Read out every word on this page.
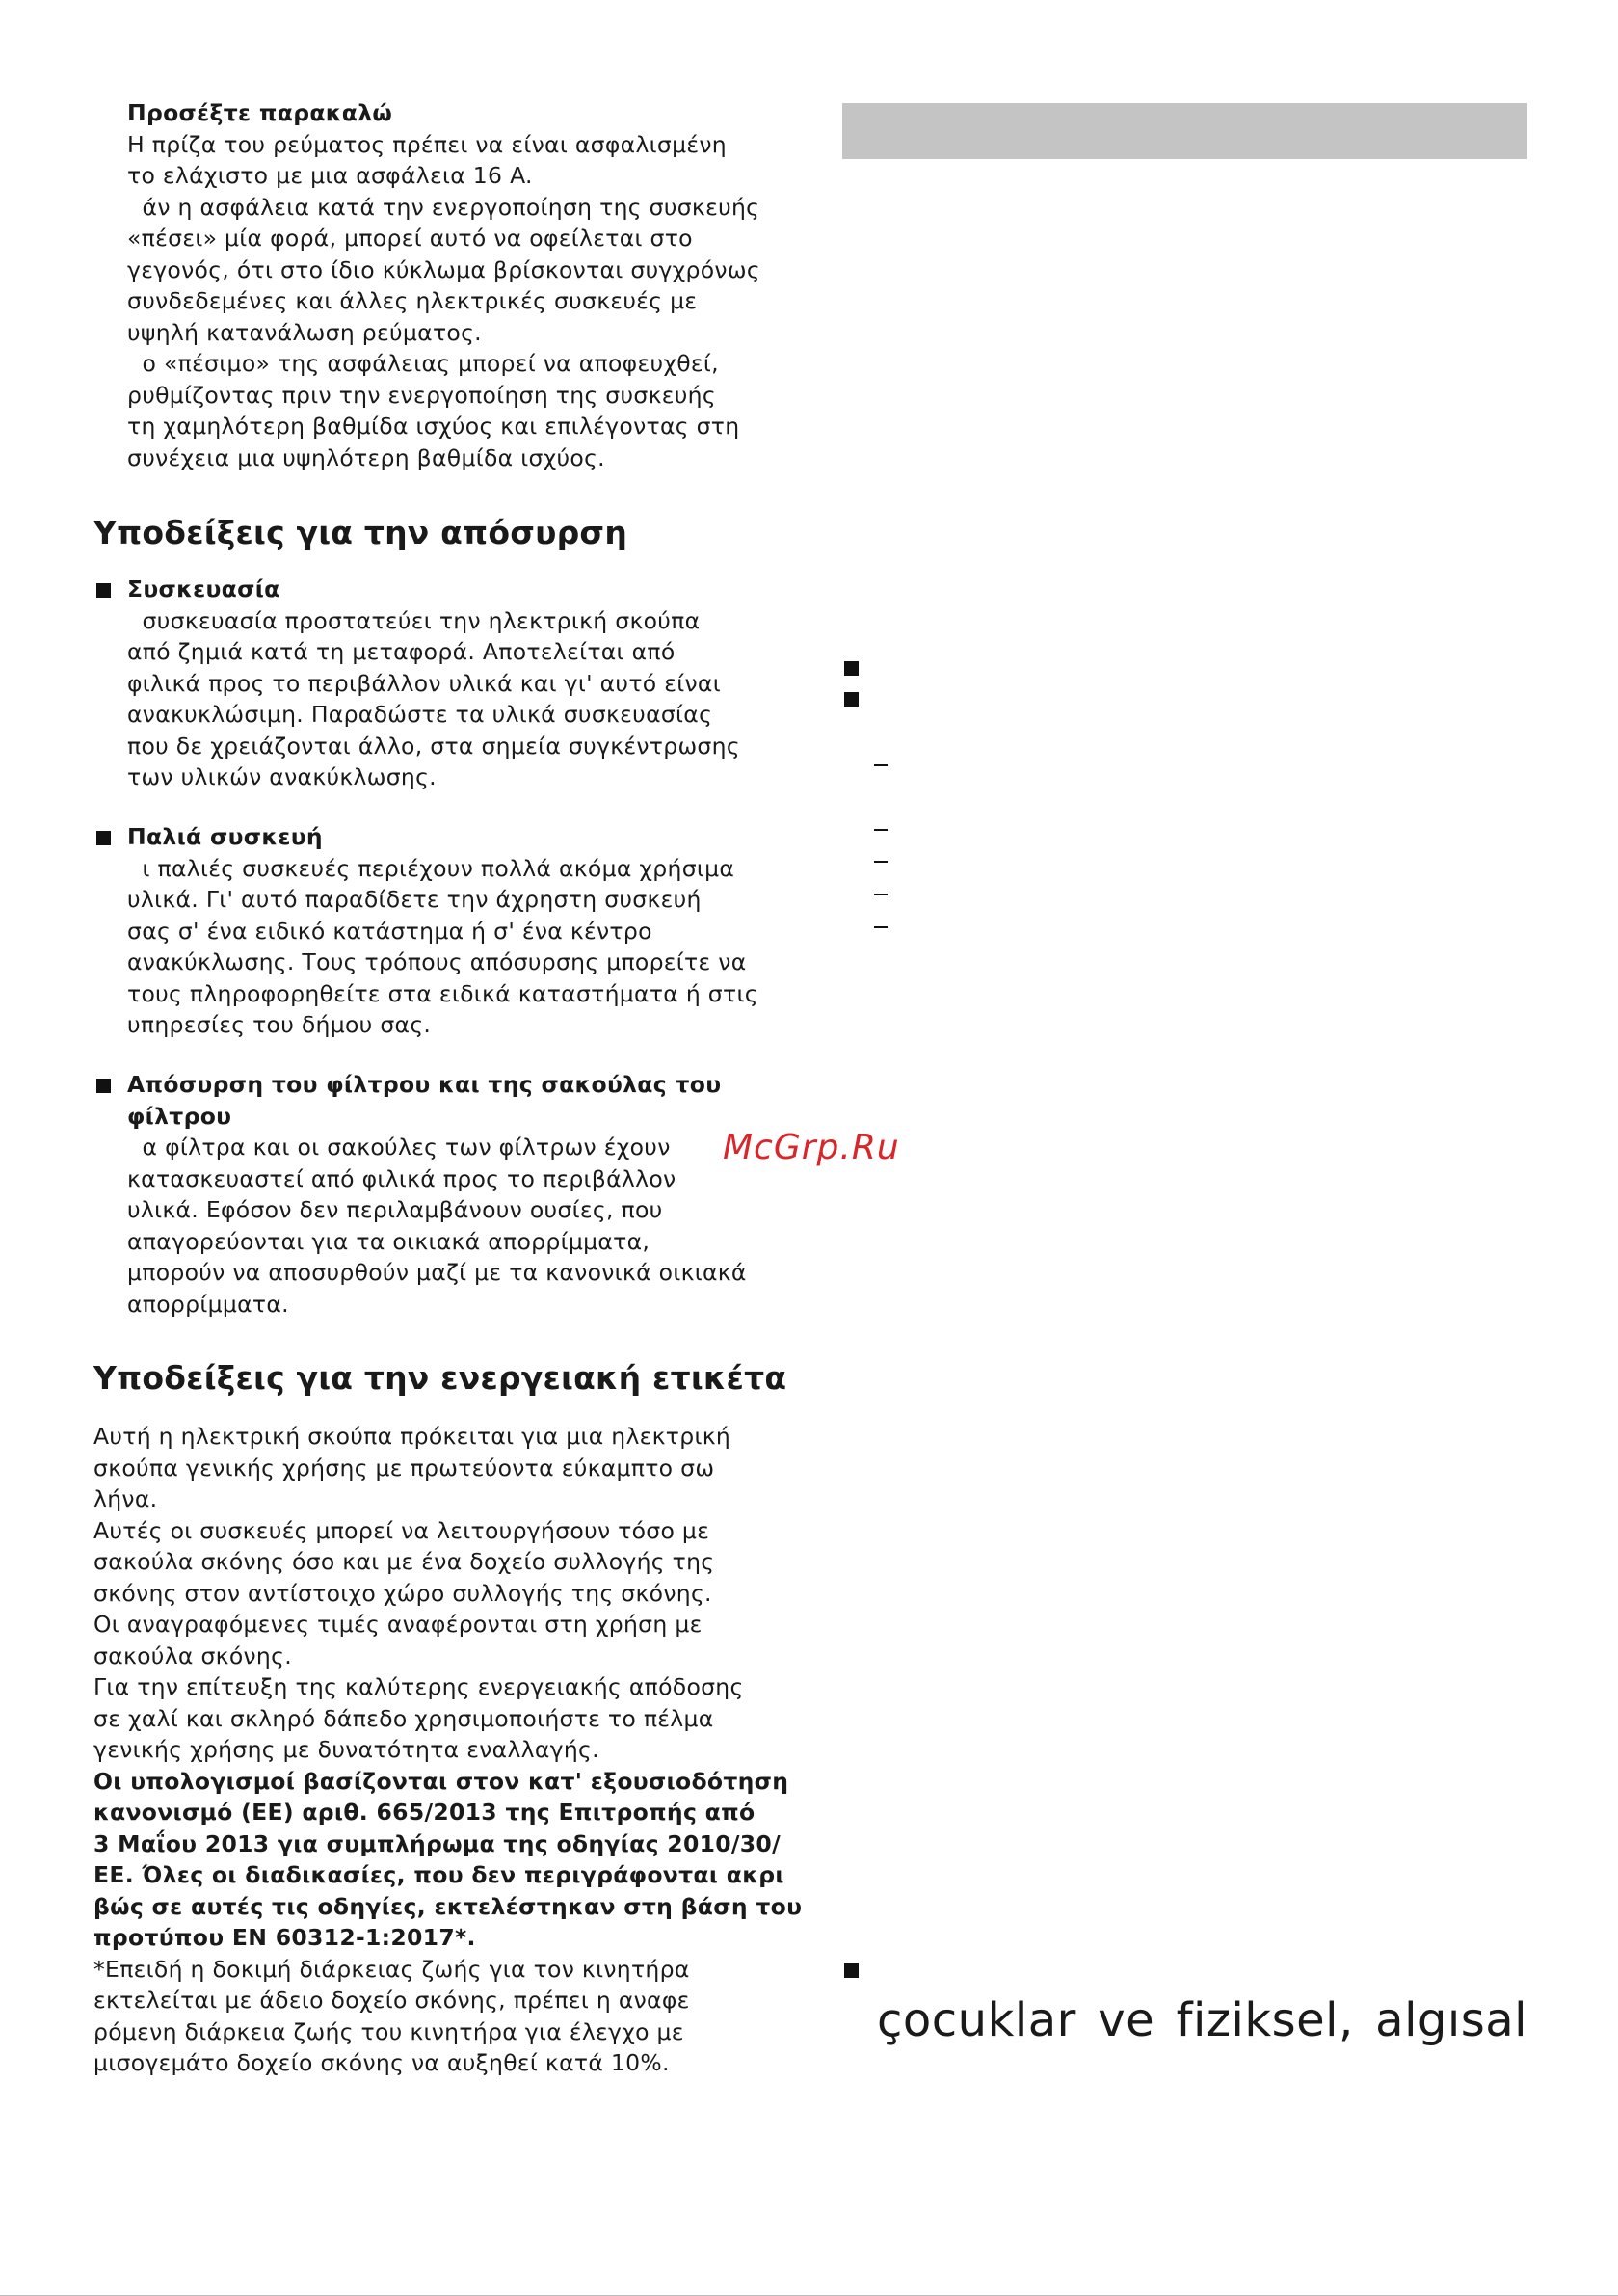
Προσέξτε παρακαλώ
Η πρίζα του ρεύματος πρέπει να είναι ασφαλισμένη
το ελάχιστο με μια ασφάλεια 16 A.
άν η ασφάλεια κατά την ενεργοποίηση της συσκευής
«πέσει» μία φορά, μπορεί αυτό να οφείλεται στο
γεγονός, ότι στο ίδιο κύκλωμα βρίσκονται συγχρόνως
συνδεδεμένες και άλλες ηλεκτρικές συσκευές με
υψηλή κατανάλωση ρεύματος.
ο «πέσιμο» της ασφάλειας μπορεί να αποφευχθεί,
ρυθμίζοντας πριν την ενεργοποίηση της συσκευής
τη χαμηλότερη βαθμίδα ισχύος και επιλέγοντας στη
συνέχεια μια υψηλότερη βαθμίδα ισχύος.
Υποδείξεις για την απόσυρση
Συσκευασία
συσκευασία προστατεύει την ηλεκτρική σκούπα
από ζημιά κατά τη μεταφορά. Αποτελείται από
φιλικά προς το περιβάλλον υλικά και γι' αυτό είναι
ανακυκλώσιμη. Παραδώστε τα υλικά συσκευασίας
που δε χρειάζονται άλλο, στα σημεία συγκέντρωσης
των υλικών ανακύκλωσης.
Παλιά συσκευή
ι παλιές συσκευές περιέχουν πολλά ακόμα χρήσιμα
υλικά. Γι' αυτό παραδίδετε την άχρηστη συσκευή
σας σ' ένα ειδικό κατάστημα ή σ' ένα κέντρο
ανακύκλωσης. Τους τρόπους απόσυρσης μπορείτε να
τους πληροφορηθείτε στα ειδικά καταστήματα ή στις
υπηρεσίες του δήμου σας.
Απόσυρση του φίλτρου και της σακούλας του
φίλτρου
α φίλτρα και οι σακούλες των φίλτρων έχουν
κατασκευαστεί από φιλικά προς το περιβάλλον
υλικά. Εφόσον δεν περιλαμβάνουν ουσίες, που
απαγορεύονται για τα οικιακά απορρίμματα,
μπορούν να αποσυρθούν μαζί με τα κανονικά οικιακά
απορρίμματα.
Υποδείξεις για την ενεργειακή ετικέτα
Αυτή η ηλεκτρική σκούπα πρόκειται για μια ηλεκτρική
σκούπα γενικής χρήσης με πρωτεύοντα εύκαμπτο σω
λήνα.
Αυτές οι συσκευές μπορεί να λειτουργήσουν τόσο με
σακούλα σκόνης όσο και με ένα δοχείο συλλογής της
σκόνης στον αντίστοιχο χώρο συλλογής της σκόνης.
Οι αναγραφόμενες τιμές αναφέρονται στη χρήση με
σακούλα σκόνης.
Για την επίτευξη της καλύτερης ενεργειακής απόδοσης
σε χαλί και σκληρό δάπεδο χρησιμοποιήστε το πέλμα
γενικής χρήσης με δυνατότητα εναλλαγής.
Οι υπολογισμοί βασίζονται στον κατ' εξουσιοδότηση
κανονισμό (ΕΕ) αριθ. 665/2013 της Επιτροπής από
3 Μαΐου 2013 για συμπλήρωμα της οδηγίας 2010/30/
ΕΕ. Όλες οι διαδικασίες, που δεν περιγράφονται ακρι
βώς σε αυτές τις οδηγίες, εκτελέστηκαν στη βάση του
προτύπου EN 60312-1:2017*.
*Επειδή η δοκιμή διάρκειας ζωής για τον κινητήρα
εκτελείται με άδειο δοχείο σκόνης, πρέπει η αναφε
ρόμενη διάρκεια ζωής του κινητήρα για έλεγχο με
μισογεμάτο δοχείο σκόνης να αυξηθεί κατά 10%.
çocuklar ve fiziksel, algısal
McGrp.Ru
